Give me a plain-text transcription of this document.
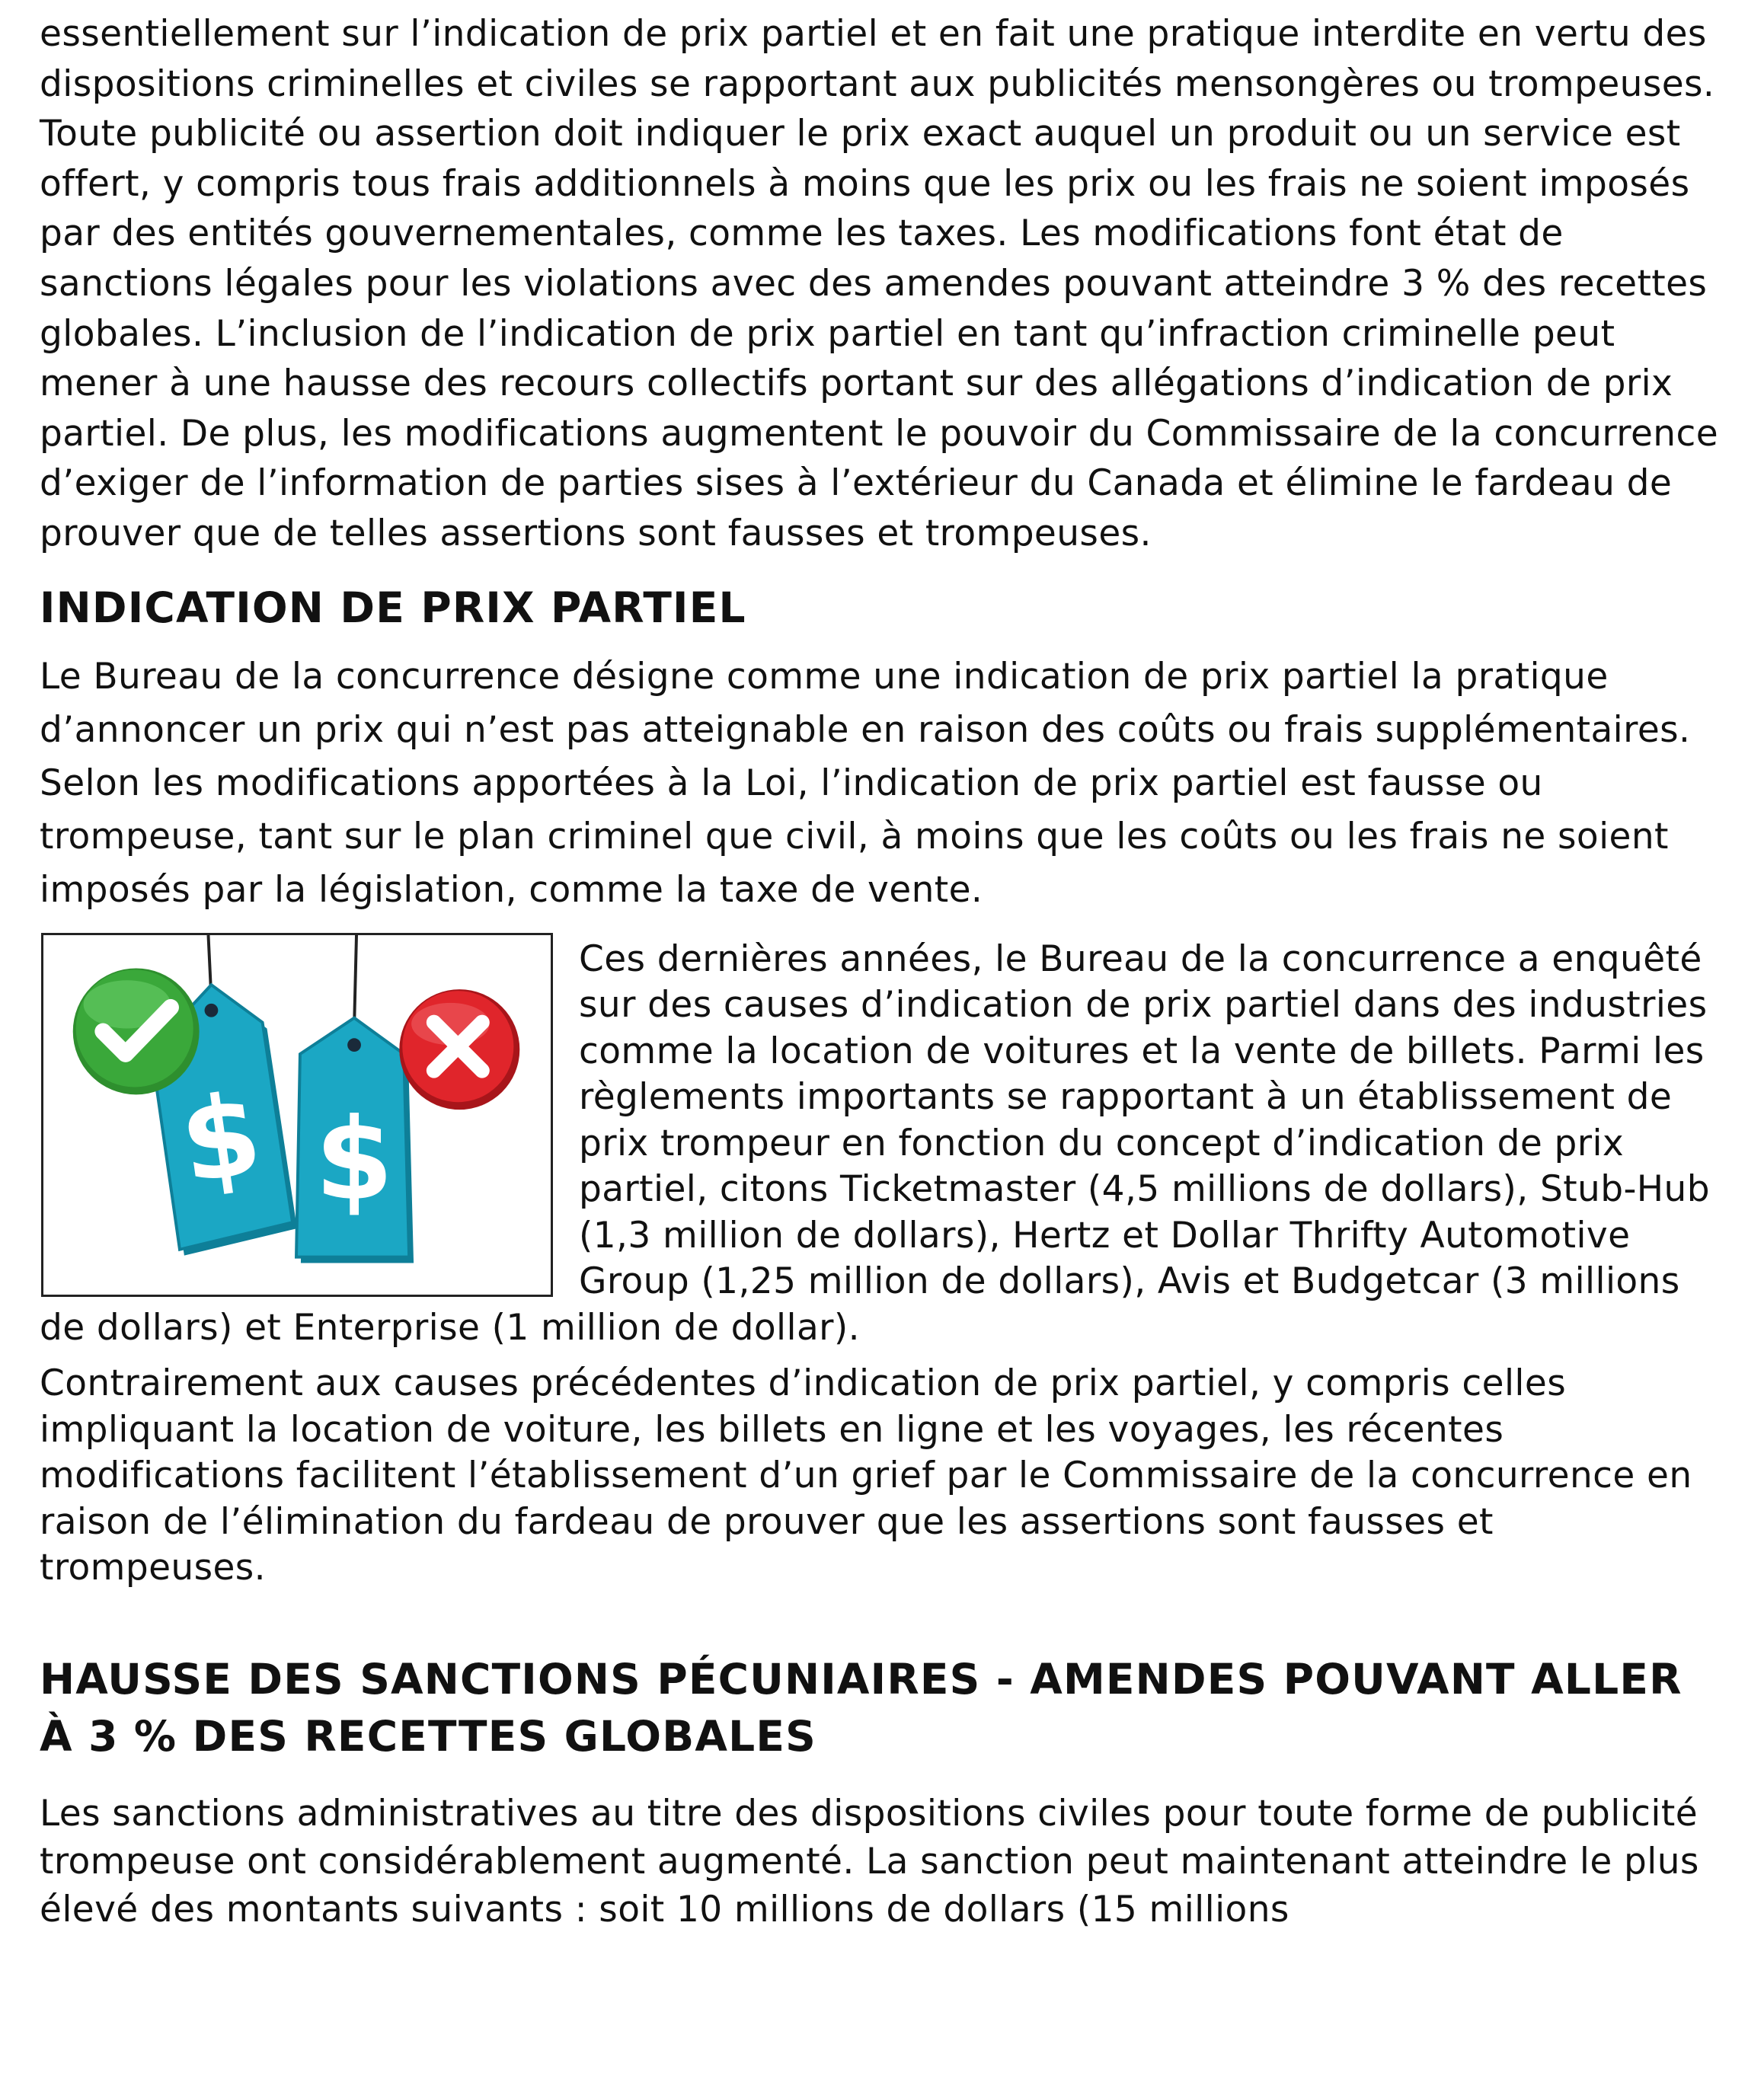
essentiellement sur l’indication de prix partiel et en fait une pratique interdite en vertu des dispositions criminelles et civiles se rapportant aux publicités mensongères ou trompeuses. Toute publicité ou assertion doit indiquer le prix exact auquel un produit ou un service est offert, y compris tous frais additionnels à moins que les prix ou les frais ne soient imposés par des entités gouvernementales, comme les taxes. Les modifications font état de sanctions légales pour les violations avec des amendes pouvant atteindre 3 % des recettes globales. L’inclusion de l’indication de prix partiel en tant qu’infraction criminelle peut mener à une hausse des recours collectifs portant sur des allégations d’indication de prix partiel. De plus, les modifications augmentent le pouvoir du Commissaire de la concurrence d’exiger de l’information de parties sises à l’extérieur du Canada et élimine le fardeau de prouver que de telles assertions sont fausses et trompeuses.

INDICATION DE PRIX PARTIEL

Le Bureau de la concurrence désigne comme une indication de prix partiel la pratique d’annoncer un prix qui n’est pas atteignable en raison des coûts ou frais supplémentaires. Selon les modifications apportées à la Loi, l’indication de prix partiel est fausse ou trompeuse, tant sur le plan criminel que civil, à moins que les coûts ou les frais ne soient imposés par la législation, comme la taxe de vente.

$ $

Ces dernières années, le Bureau de la concurrence a enquêté sur des causes d’indication de prix partiel dans des industries comme la location de voitures et la vente de billets. Parmi les règlements importants se rapportant à un établissement de prix trompeur en fonction du concept d’indication de prix partiel, citons Ticketmaster (4,5 millions de dollars), Stub-Hub (1,3 million de dollars), Hertz et Dollar Thrifty Automotive Group (1,25 million de dollars), Avis et Budgetcar (3 millions de dollars) et Enterprise (1 million de dollar).

Contrairement aux causes précédentes d’indication de prix partiel, y compris celles impliquant la location de voiture, les billets en ligne et les voyages, les récentes modifications facilitent l’établissement d’un grief par le Commissaire de la concurrence en raison de l’élimination du fardeau de prouver que les assertions sont fausses et trompeuses.

HAUSSE DES SANCTIONS PÉCUNIAIRES - AMENDES POUVANT ALLER À 3 % DES RECETTES GLOBALES

Les sanctions administratives au titre des dispositions civiles pour toute forme de publicité trompeuse ont considérablement augmenté. La sanction peut maintenant atteindre le plus élevé des montants suivants : soit 10 millions de dollars (15 millions
